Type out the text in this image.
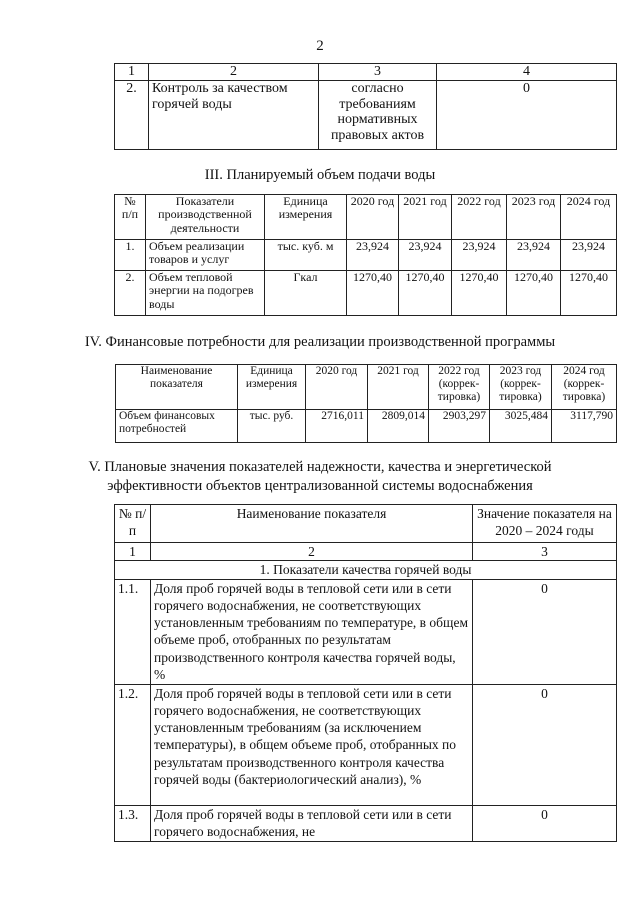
2
1	2	3	4
2.	Контроль за качеством горячей воды	согласно требованиям нормативных правовых актов	0
III. Планируемый объем подачи воды
№ п/п	Показатели производственной деятельности	Единица измерения	2020 год	2021 год	2022 год	2023 год	2024 год
1.	Объем реализации товаров и услуг	тыс. куб. м	23,924	23,924	23,924	23,924	23,924
2.	Объем тепловой энергии на подогрев воды	Гкал	1270,40	1270,40	1270,40	1270,40	1270,40
IV. Финансовые потребности для реализации производственной программы
Наименование показателя	Единица измерения	2020 год	2021 год	2022 год (коррек-тировка)	2023 год (коррек-тировка)	2024 год (коррек-тировка)
Объем финансовых потребностей	тыс. руб.	2716,011	2809,014	2903,297	3025,484	3117,790
V. Плановые значения показателей надежности, качества и энергетической
эффективности объектов централизованной системы водоснабжения
№ п/п	Наименование показателя	Значение показателя на 2020 – 2024 годы
1	2	3
1. Показатели качества горячей воды		
1.1.	Доля проб горячей воды в тепловой сети или в сети горячего водоснабжения, не соответствующих установленным требованиям по температуре, в общем объеме проб, отобранных по результатам производственного контроля качества горячей воды, %	0
1.2.	Доля проб горячей воды в тепловой сети или в сети горячего водоснабжения, не соответствующих установленным требованиям (за исключением температуры), в общем объеме проб, отобранных по результатам производственного контроля качества горячей воды (бактериологический анализ), %	0
1.3.	Доля проб горячей воды в тепловой сети или в сети горячего водоснабжения, не	0
